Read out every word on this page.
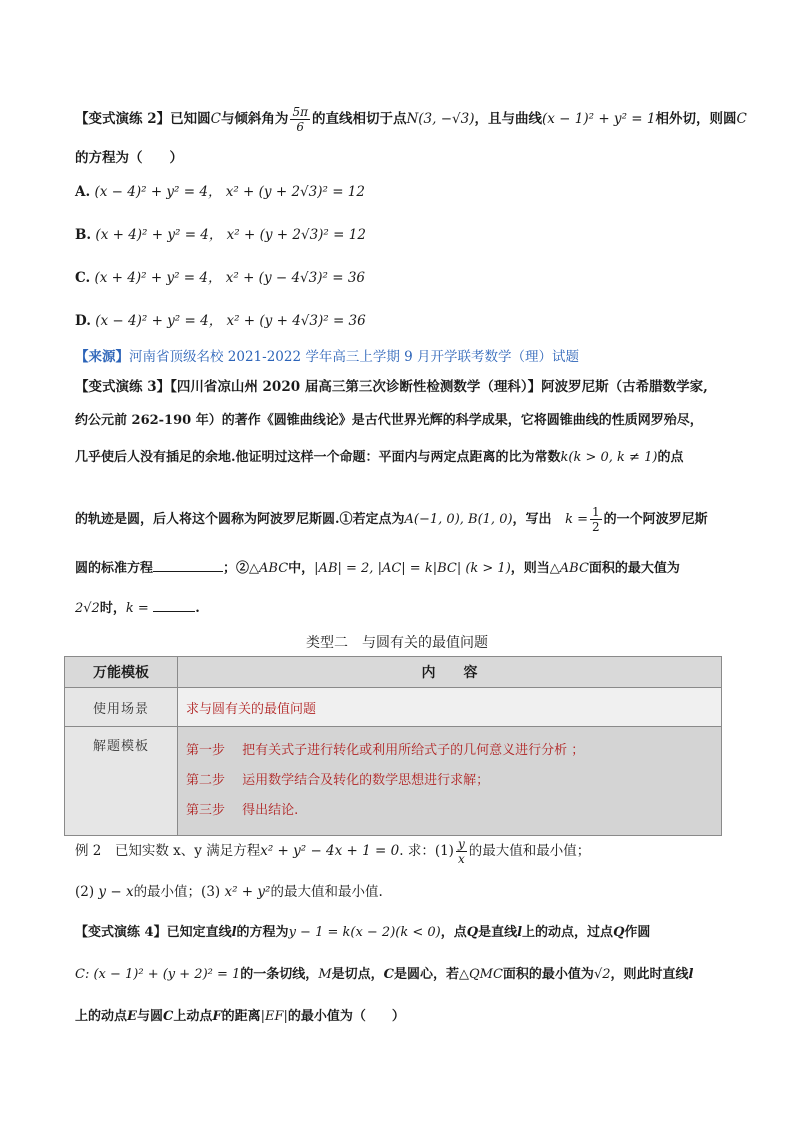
【变式演练 2】已知圆C与倾斜角为 $\frac{5\pi}{6}$ 的直线相切于点N(3, −√3)，且与曲线(x − 1)² + y² = 1相外切，则圆C
的方程为（　　）
A. (x − 4)² + y² = 4， x² + (y + 2√3)² = 12
B. (x + 4)² + y² = 4， x² + (y + 2√3)² = 12
C. (x + 4)² + y² = 4， x² + (y − 4√3)² = 36
D. (x − 4)² + y² = 4， x² + (y + 4√3)² = 36
【来源】河南省顶级名校 2021-2022 学年高三上学期 9 月开学联考数学（理）试题
【变式演练 3】【四川省凉山州 2020 届高三第三次诊断性检测数学（理科）】阿波罗尼斯（古希腊数学家,
约公元前 262-190 年）的著作《圆锥曲线论》是古代世界光辉的科学成果，它将圆锥曲线的性质网罗殆尽，
几乎使后人没有插足的余地.他证明过这样一个命题：平面内与两定点距离的比为常数k(k > 0, k ≠ 1)的点
的轨迹是圆，后人将这个圆称为阿波罗尼斯圆.①若定点为A(−1, 0), B(1, 0)，写出 $k = \frac{1}{2}$ 的一个阿波罗尼斯
圆的标准方程	；②△ABC中，|AB| = 2, |AC| = k|BC| (k > 1)，则当△ABC面积的最大值为
2√2时，k =	.
类型二　与圆有关的最值问题
万能模板	内　　容
使用场景	求与圆有关的最值问题
解题模板	第一步　 把有关式子进行转化或利用所给式子的几何意义进行分析 ；
第二步　 运用数学结合及转化的数学思想进行求解；
第三步　 得出结论.
例 2　已知实数 x、y 满足方程x² + y² − 4x + 1 = 0. 求：$(1) \frac{y}{x}$ 的最大值和最小值；
(2) y − x的最小值；(3) x² + y²的最大值和最小值.
【变式演练 4】已知定直线l的方程为y − 1 = k(x − 2)(k < 0)，点Q是直线l上的动点，过点Q作圆
C: (x − 1)² + (y + 2)² = 1的一条切线，M是切点，C是圆心，若△QMC面积的最小值为√2，则此时直线l
上的动点E与圆C上动点F的距离|EF|的最小值为（　　）
